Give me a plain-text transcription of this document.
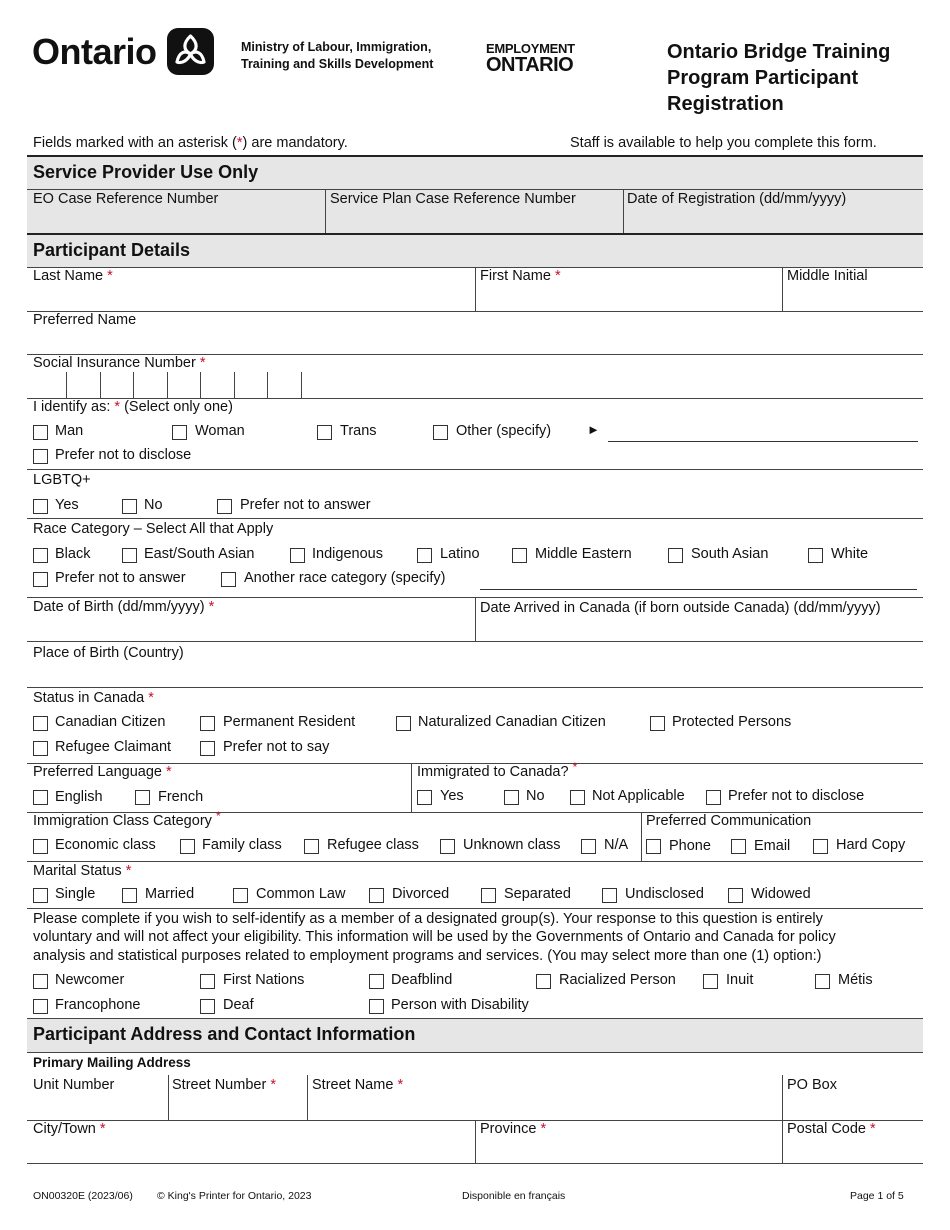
Ontario	Ministry of Labour, Immigration,
Training and Skills Development
EMPLOYMENT
ONTARIO
Ontario Bridge Training
Program Participant
Registration
Fields marked with an asterisk (*) are mandatory.	Staff is available to help you complete this form.
Service Provider Use Only
EO Case Reference Number	Service Plan Case Reference Number	Date of Registration (dd/mm/yyyy)
Participant Details
Last Name *	First Name *	Middle Initial
Preferred Name
Social Insurance Number *
I identify as: * (Select only one)
Man	Woman	Trans	Other (specify)	►
Prefer not to disclose
LGBTQ+
Yes	No	Prefer not to answer
Race Category – Select All that Apply
Black	East/South Asian	Indigenous	Latino	Middle Eastern	South Asian	White
Prefer not to answer	Another race category (specify)
Date of Birth (dd/mm/yyyy) *	Date Arrived in Canada (if born outside Canada) (dd/mm/yyyy)
Place of Birth (Country)
Status in Canada *
Canadian Citizen	Permanent Resident	Naturalized Canadian Citizen	Protected Persons
Refugee Claimant	Prefer not to say
Preferred Language *
English	French
Immigrated to Canada? *
Yes	No	Not Applicable	Prefer not to disclose
Immigration Class Category *
Economic class	Family class	Refugee class	Unknown class	N/A
Preferred Communication
Phone	Email	Hard Copy
Marital Status *
Single	Married	Common Law	Divorced	Separated	Undisclosed	Widowed
Please complete if you wish to self-identify as a member of a designated group(s). Your response to this question is entirely
voluntary and will not affect your eligibility. This information will be used by the Governments of Ontario and Canada for policy
analysis and statistical purposes related to employment programs and services. (You may select more than one (1) option:)
Newcomer	First Nations	Deafblind	Racialized Person	Inuit	Métis
Francophone	Deaf	Person with Disability
Participant Address and Contact Information
Primary Mailing Address
Unit Number	Street Number * Street Name *	PO Box
City/Town *	Province *	Postal Code *
ON00320E (2023/06) © King's Printer for Ontario, 2023	Disponible en français	Page 1 of 5
